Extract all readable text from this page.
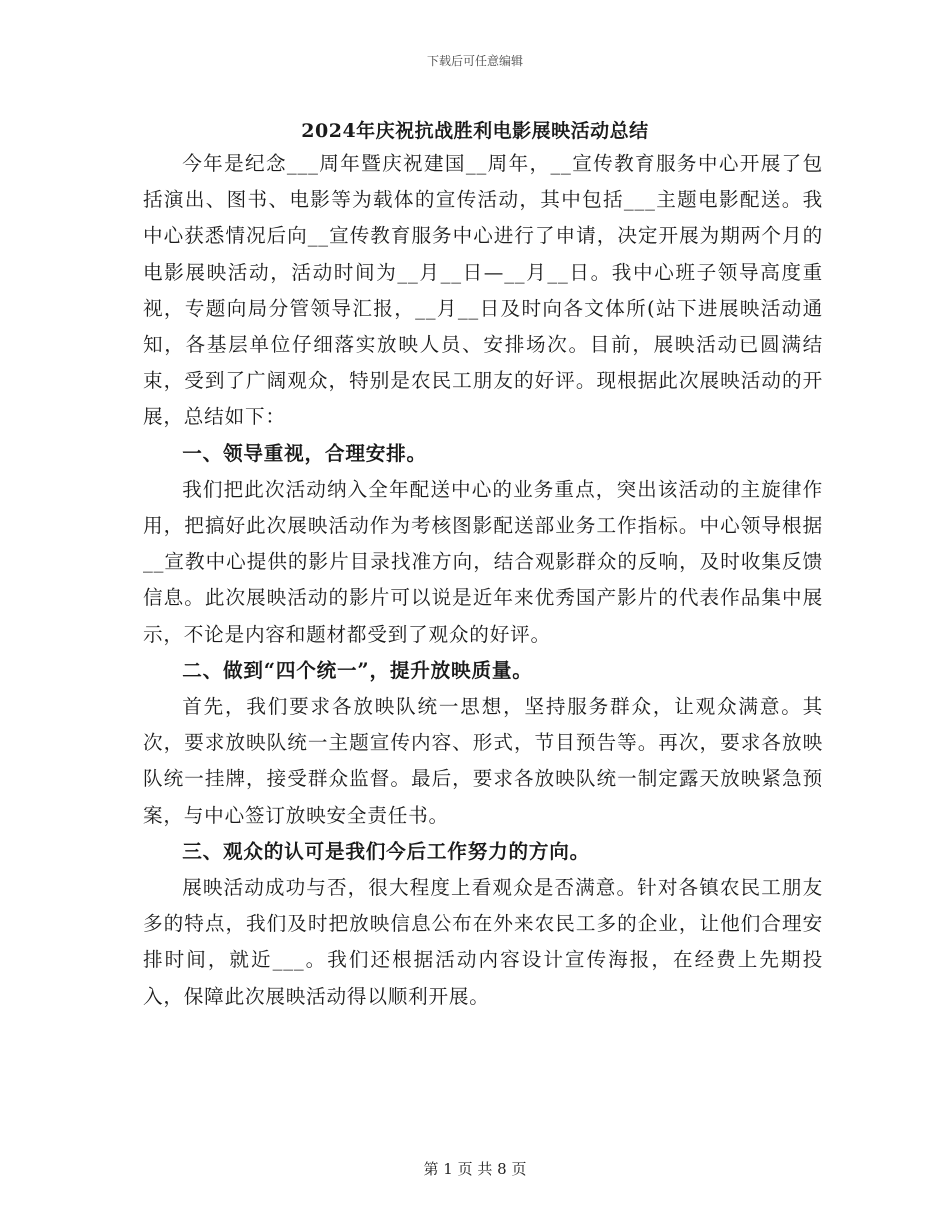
下载后可任意编辑
2024年庆祝抗战胜利电影展映活动总结

今年是纪念___周年暨庆祝建国__周年，__宣传教育服务中心开展了包括演出、图书、电影等为载体的宣传活动，其中包括___主题电影配送。我中心获悉情况后向__宣传教育服务中心进行了申请，决定开展为期两个月的电影展映活动，活动时间为__月__日—__月__日。我中心班子领导高度重视，专题向局分管领导汇报，__月__日及时向各文体所(站下进展映活动通知，各基层单位仔细落实放映人员、安排场次。目前，展映活动已圆满结束，受到了广阔观众，特别是农民工朋友的好评。现根据此次展映活动的开展，总结如下：

一、领导重视，合理安排。

我们把此次活动纳入全年配送中心的业务重点，突出该活动的主旋律作用，把搞好此次展映活动作为考核图影配送部业务工作指标。中心领导根据__宣教中心提供的影片目录找准方向，结合观影群众的反响，及时收集反馈信息。此次展映活动的影片可以说是近年来优秀国产影片的代表作品集中展示，不论是内容和题材都受到了观众的好评。

二、做到“四个统一”，提升放映质量。

首先，我们要求各放映队统一思想，坚持服务群众，让观众满意。其次，要求放映队统一主题宣传内容、形式，节目预告等。再次，要求各放映队统一挂牌，接受群众监督。最后，要求各放映队统一制定露天放映紧急预案，与中心签订放映安全责任书。

三、观众的认可是我们今后工作努力的方向。

展映活动成功与否，很大程度上看观众是否满意。针对各镇农民工朋友多的特点，我们及时把放映信息公布在外来农民工多的企业，让他们合理安排时间，就近___。我们还根据活动内容设计宣传海报，在经费上先期投入，保障此次展映活动得以顺利开展。

第 1 页 共 8 页
